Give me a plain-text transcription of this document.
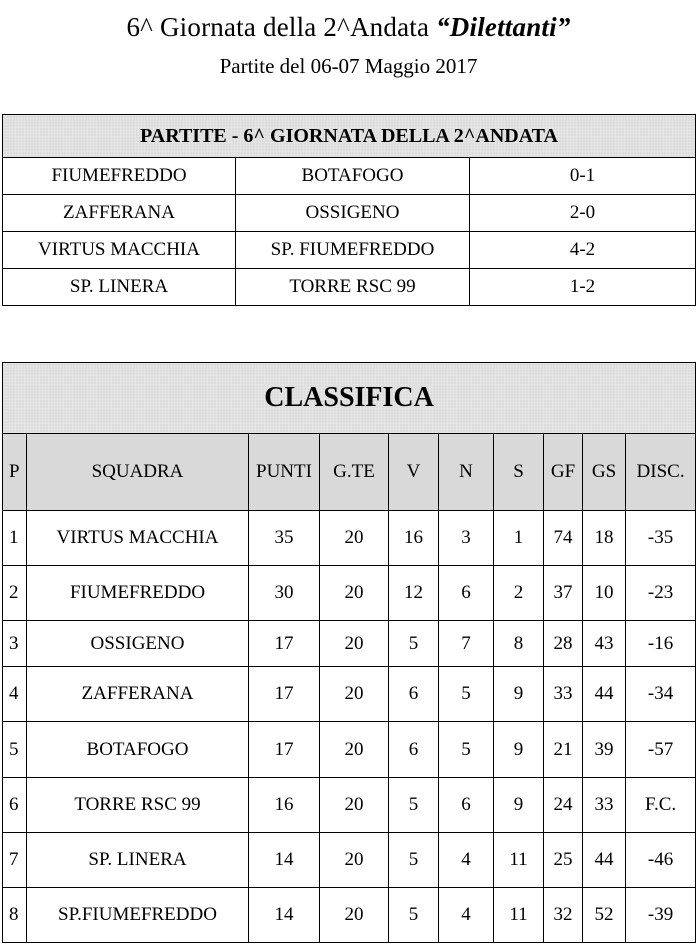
6^ Giornata della 2^Andata “Dilettanti”
Partite del 06-07 Maggio 2017
PARTITE - 6^ GIORNATA DELLA 2^ANDATA		
FIUMEFREDDO	BOTAFOGO	0-1
ZAFFERANA	OSSIGENO	2-0
VIRTUS MACCHIA	SP. FIUMEFREDDO	4-2
SP. LINERA	TORRE RSC 99	1-2
CLASSIFICA									
P	SQUADRA	PUNTI	G.TE	V	N	S	GF	GS	DISC.
1	VIRTUS MACCHIA	35	20	16	3	1	74	18	-35
2	FIUMEFREDDO	30	20	12	6	2	37	10	-23
3	OSSIGENO	17	20	5	7	8	28	43	-16
4	ZAFFERANA	17	20	6	5	9	33	44	-34
5	BOTAFOGO	17	20	6	5	9	21	39	-57
6	TORRE RSC 99	16	20	5	6	9	24	33	F.C.
7	SP. LINERA	14	20	5	4	11	25	44	-46
8	SP.FIUMEFREDDO	14	20	5	4	11	32	52	-39
